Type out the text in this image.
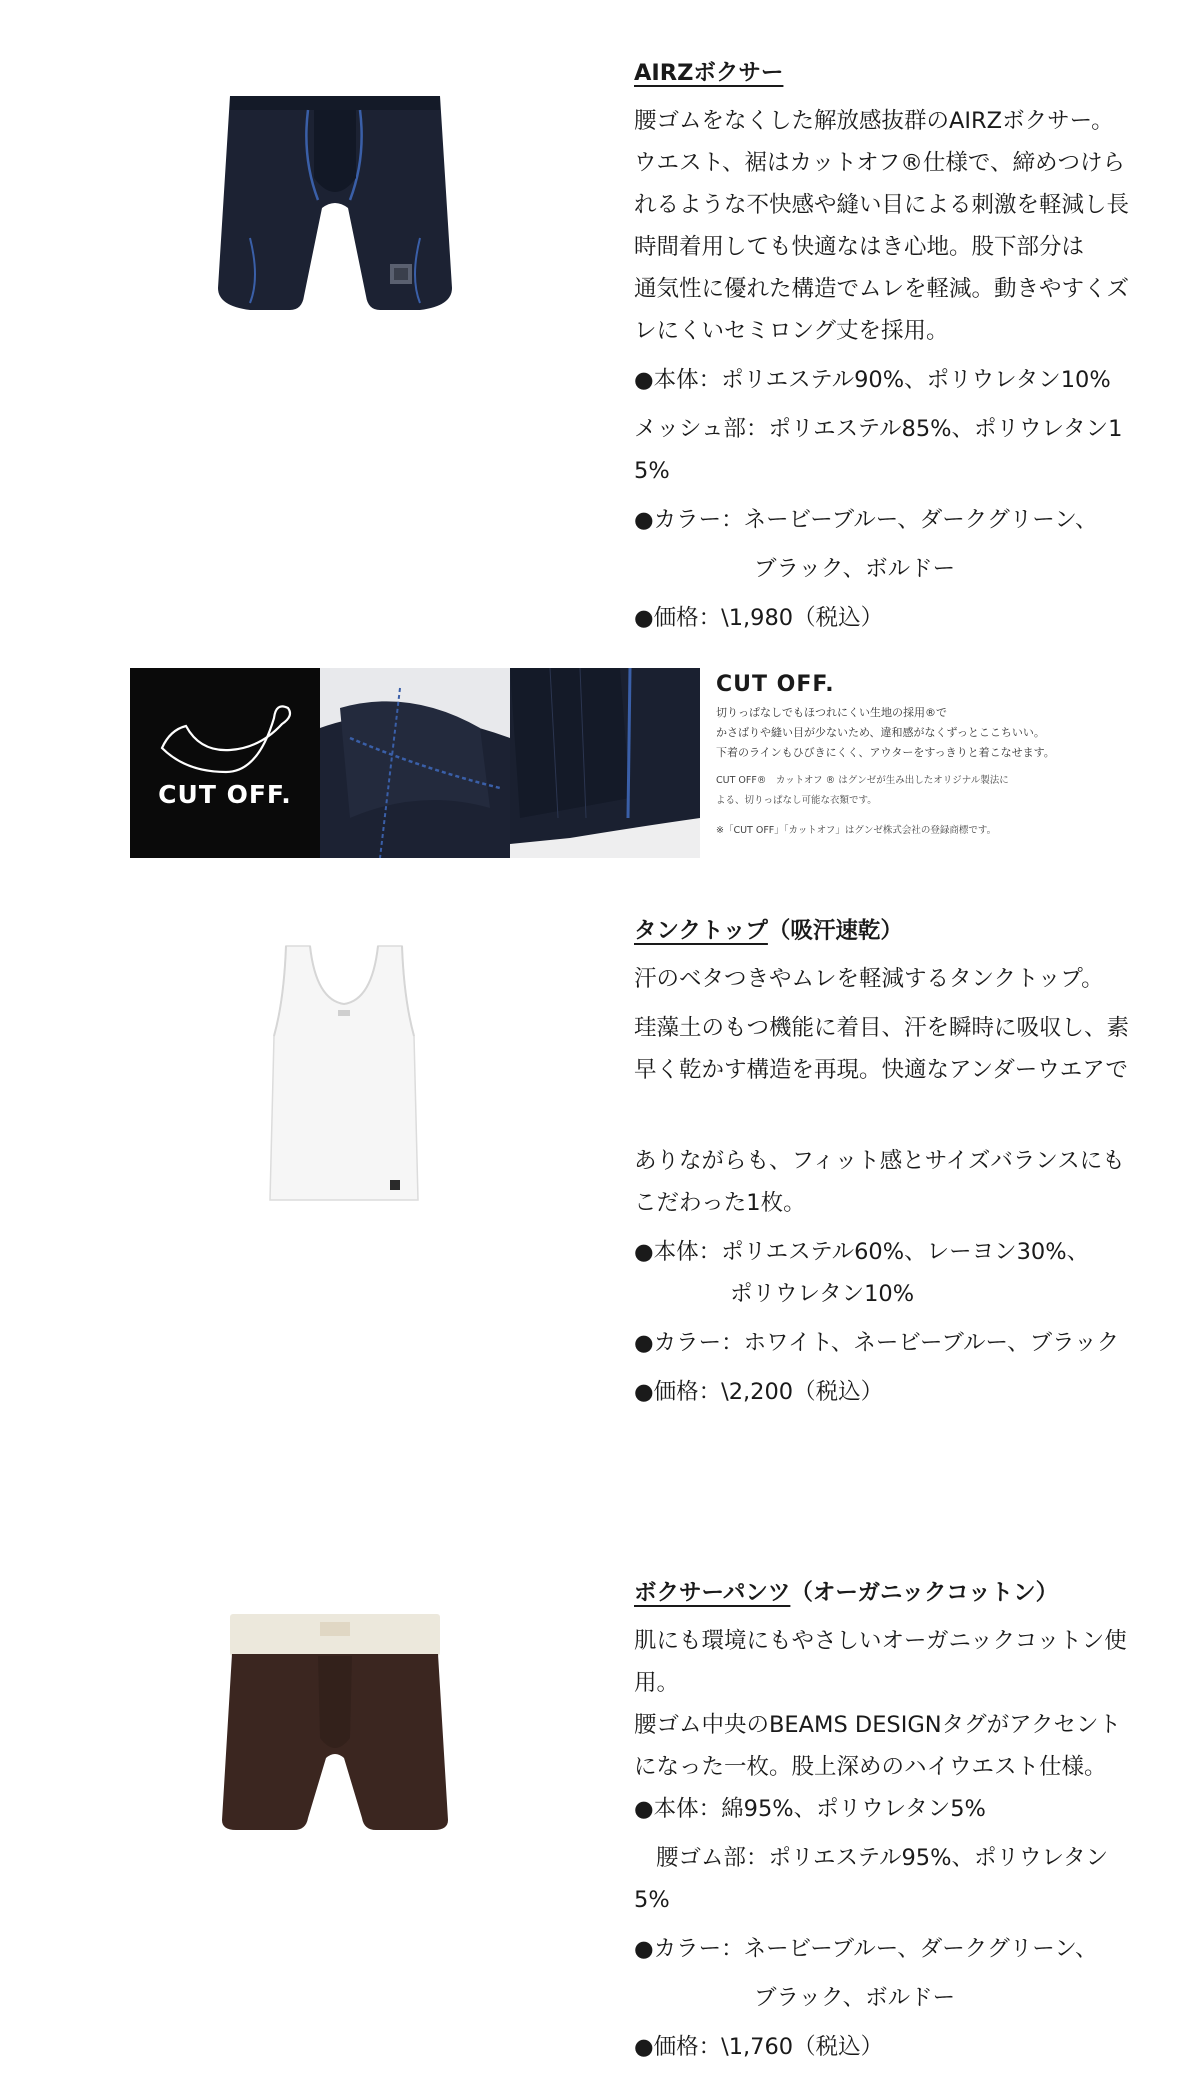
AIRZボクサー
腰ゴムをなくした解放感抜群のAIRZボクサー。
ウエスト、裾はカットオフ®仕様で、締めつけら
れるような不快感や縫い目による刺激を軽減し長
時間着用しても快適なはき心地。股下部分は
通気性に優れた構造でムレを軽減。動きやすくズ
レにくいセミロング丈を採用。
●本体：ポリエステル90%、ポリウレタン10%
メッシュ部：ポリエステル85%、ポリウレタン1
5%
●カラー：ネービーブルー、ダークグリーン、
ブラック、ボルドー
●価格：\1,980（税込）
CUT OFF.
CUT OFF.
切りっぱなしでもほつれにくい生地の採用®で
かさばりや縫い目が少ないため、違和感がなくずっとここちいい。
下着のラインもひびきにくく、アウターをすっきりと着こなせます。
CUT OFF®　カットオフ ® はグンゼが生み出したオリジナル製法に
よる、切りっぱなし可能な衣類です。
※「CUT OFF」「カットオフ」はグンゼ株式会社の登録商標です。
タンクトップ（吸汗速乾）
汗のベタつきやムレを軽減するタンクトップ。
珪藻土のもつ機能に着目、汗を瞬時に吸収し、素
早く乾かす構造を再現。快適なアンダーウエアで
ありながらも、フィット感とサイズバランスにも
こだわった1枚。
●本体：ポリエステル60%、レーヨン30%、
ポリウレタン10%
●カラー：ホワイト、ネービーブルー、ブラック
●価格：\2,200（税込）
ボクサーパンツ（オーガニックコットン）
肌にも環境にもやさしいオーガニックコットン使
用。
腰ゴム中央のBEAMS DESIGNタグがアクセント
になった一枚。股上深めのハイウエスト仕様。
●本体：綿95%、ポリウレタン5%
腰ゴム部：ポリエステル95%、ポリウレタン
5%
●カラー：ネービーブルー、ダークグリーン、
ブラック、ボルドー
●価格：\1,760（税込）
